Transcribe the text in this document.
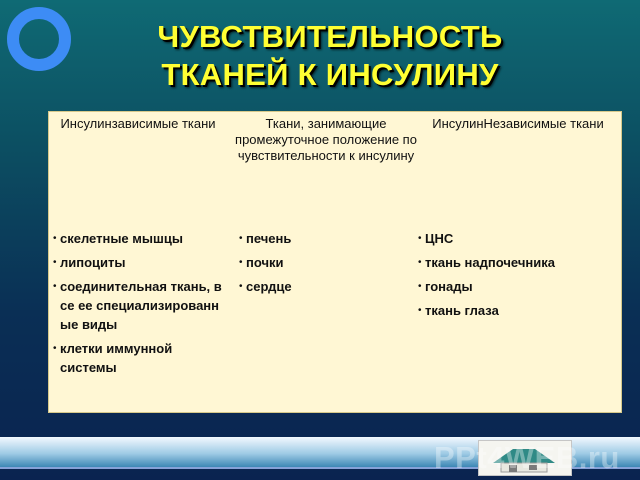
ЧУВСТВИТЕЛЬНОСТЬ
ТКАНЕЙ К ИНСУЛИНУ
Инсулинзависимые ткани
• скелетные мышцы
• липоциты
• соединительная ткань, все ее специализированные виды
• клетки иммунной системы
Ткани, занимающие промежуточное положение по чувствительности к инсулину
• печень
• почки
• сердце
ИнсулинНезависимые ткани
• ЦНС
• ткань надпочечника
• гонады
• ткань глаза
PPt4WEB.ru
